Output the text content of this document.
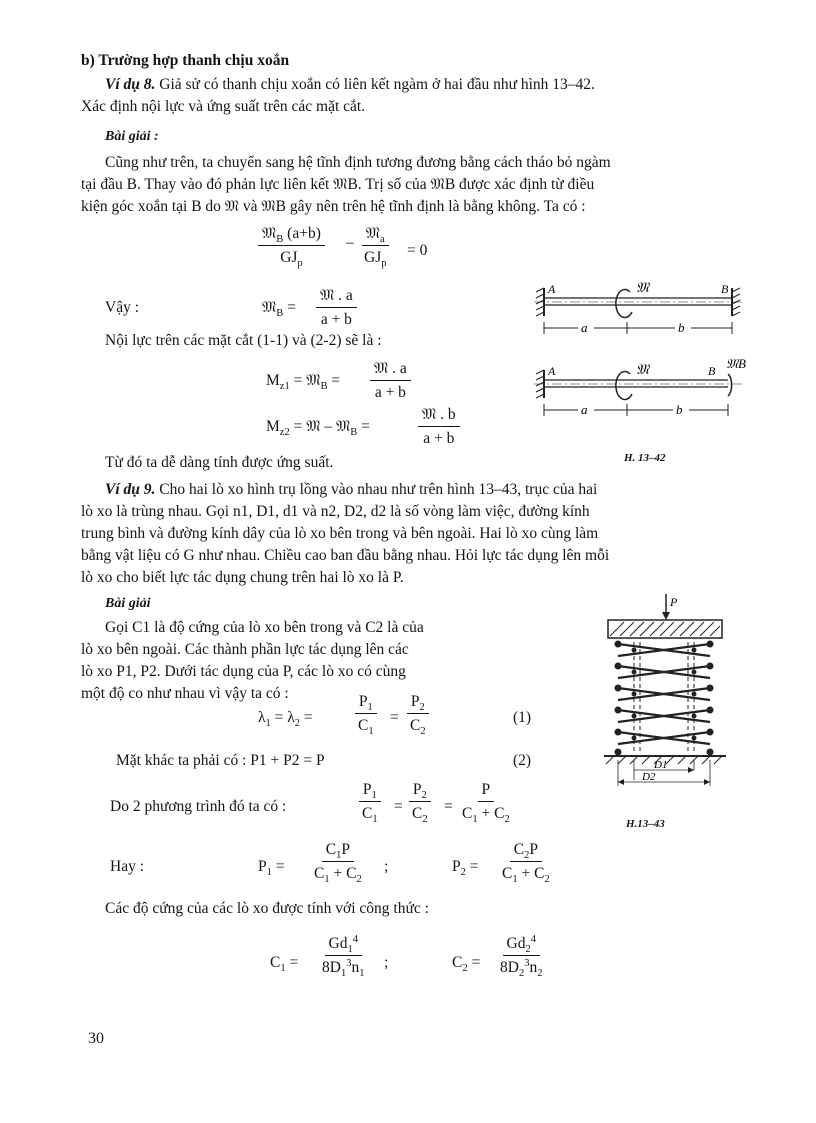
b) Trường hợp thanh chịu xoắn
Ví dụ 8. Giả sử có thanh chịu xoắn có liên kết ngàm ở hai đầu như hình 13–42.
Xác định nội lực và ứng suất trên các mặt cắt.
Bài giải :
Cũng như trên, ta chuyển sang hệ tĩnh định tương đương bằng cách tháo bỏ ngàm
tại đầu B. Thay vào đó phản lực liên kết 𝔐B. Trị số của 𝔐B được xác định từ điều
kiện góc xoắn tại B do 𝔐 và 𝔐B gây nên trên hệ tĩnh định là bằng không. Ta có :
𝔐$_B$ (a+b)
$GJ_p$
–
𝔐$_a$
$GJ_p$
= 0
Vậy :	𝔐$_B$ =
𝔐 . a
a + b
Nội lực trên các mặt cắt (1-1) và (2-2) sẽ là :
$M_{z1}$ = 𝔐$_B$ =
𝔐 . a
a + b
$M_{z2}$ = 𝔐 – 𝔐$_B$ =
𝔐 . b
a + b
Từ đó ta dễ dàng tính được ứng suất.
A	B
𝔐
a	b
A	B
𝔐	𝔐B
a	b
H. 13–42
Ví dụ 9. Cho hai lò xo hình trụ lồng vào nhau như trên hình 13–43, trục của hai
lò xo là trùng nhau. Gọi n1, D1, d1 và n2, D2, d2 là số vòng làm việc, đường kính
trung bình và đường kính dây của lò xo bên trong và bên ngoài. Hai lò xo cùng làm
bằng vật liệu có G như nhau. Chiều cao ban đầu bằng nhau. Hỏi lực tác dụng lên mỗi
lò xo cho biết lực tác dụng chung trên hai lò xo là P.
Bài giải
Gọi C1 là độ cứng của lò xo bên trong và C2 là của
lò xo bên ngoài. Các thành phần lực tác dụng lên các
lò xo P1, P2. Dưới tác dụng của P, các lò xo có cùng
một độ co như nhau vì vậy ta có :
$\lambda_1 = \lambda_2$ =	$\frac{P_1}{C_1} = \frac{P_2}{C_2}$	(1)
Mặt khác ta phải có : P1 + P2 = P	(2)
Do 2 phương trình đó ta có :	$\frac{P_1}{C_1} = \frac{P_2}{C_2} = \frac{P}{C_1 + C_2}$
Hay :	$P_1 = \frac{C_1P}{C_1 + C_2}$ ;	$P_2 = \frac{C_2P}{C_1 + C_2}$
Các độ cứng của các lò xo được tính với công thức :
$C_1 = \frac{Gd_1^4}{8D_1^3n_1}$ ;	$C_2 = \frac{Gd_2^4}{8D_2^3n_2}$
P
D1
D2
H.13–43
30
